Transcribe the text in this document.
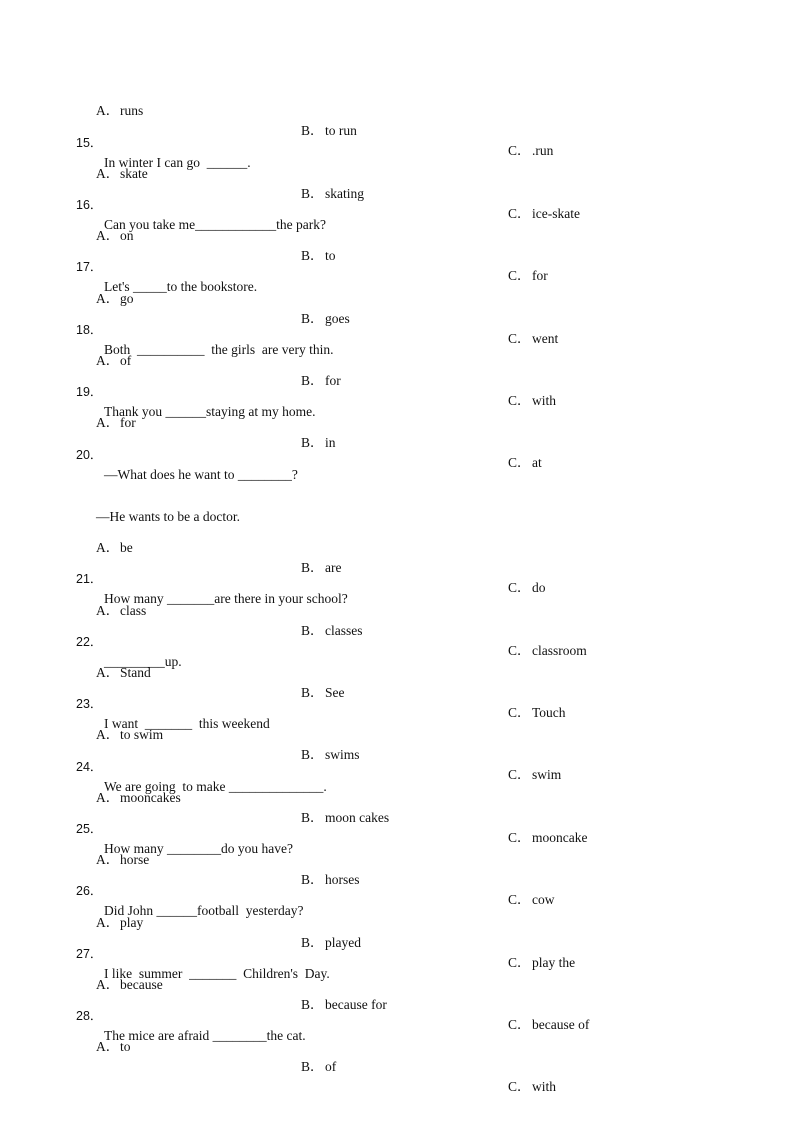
A．runs

B．to run

C．.run

15．

In winter I can go  ______.

A．skate

B．skating

C．ice-skate

16．

Can you take me____________the park?

A．on

B．to

C．for

17．

Let's _____to the bookstore.

A．go

B．goes

C．went

18．

Both  __________  the girls  are very thin.

A．of

B．for

C．with

19．

Thank you ______staying at my home.

A．for

B．in

C．at

20．

—What does he want to ________?

—He wants to be a doctor.

A．be

B．are

C．do

21．

How many _______are there in your school?

A．class

B．classes

C．classroom

22．

_________up.

A．Stand

B．See

C．Touch

23．

I want  _______  this weekend

A．to swim

B．swims

C．swim

24．

We are going  to make ______________.

A．mooncakes

B．moon cakes

C．mooncake

25．

How many ________do you have?

A．horse

B．horses

C．cow

26．

Did John ______football  yesterday?

A．play

B．played

C．play the

27．

I like  summer  _______  Children's  Day.

A．because

B．because for

C．because of

28．

The mice are afraid ________the cat.

A．to

B．of

C．with
